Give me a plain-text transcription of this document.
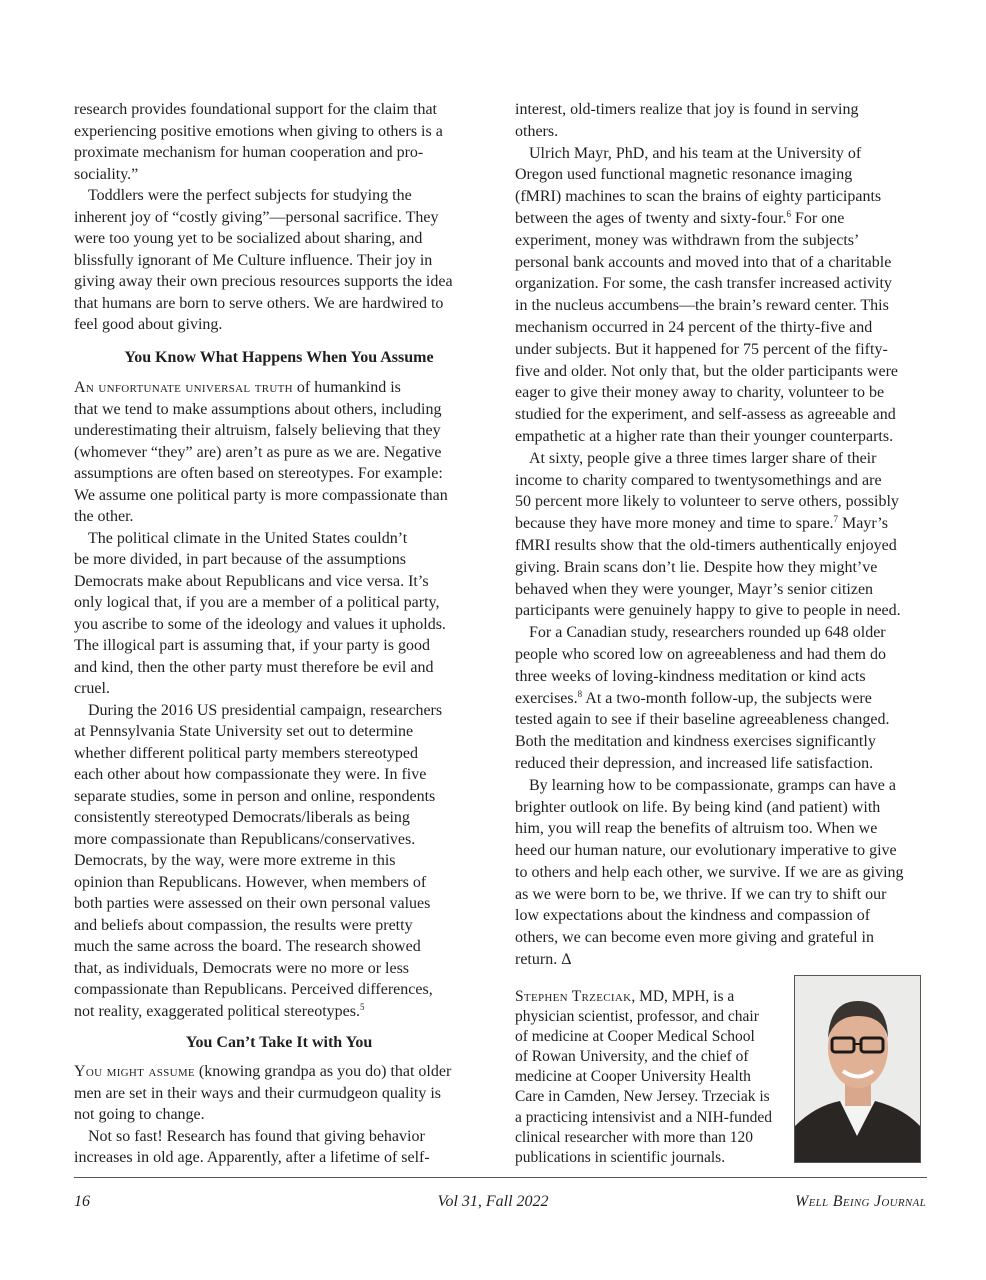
research provides foundational support for the claim that
experiencing positive emotions when giving to others is a
proximate mechanism for human cooperation and pro-
sociality.”
Toddlers were the perfect subjects for studying the
inherent joy of “costly giving”—personal sacrifice. They
were too young yet to be socialized about sharing, and
blissfully ignorant of Me Culture influence. Their joy in
giving away their own precious resources supports the idea
that humans are born to serve others. We are hardwired to
feel good about giving.
You Know What Happens When You Assume
An unfortunate universal truth of humankind is
that we tend to make assumptions about others, including
underestimating their altruism, falsely believing that they
(whomever “they” are) aren’t as pure as we are. Negative
assumptions are often based on stereotypes. For example:
We assume one political party is more compassionate than
the other.
The political climate in the United States couldn’t
be more divided, in part because of the assumptions
Democrats make about Republicans and vice versa. It’s
only logical that, if you are a member of a political party,
you ascribe to some of the ideology and values it upholds.
The illogical part is assuming that, if your party is good
and kind, then the other party must therefore be evil and
cruel.
During the 2016 US presidential campaign, researchers
at Pennsylvania State University set out to determine
whether different political party members stereotyped
each other about how compassionate they were. In five
separate studies, some in person and online, respondents
consistently stereotyped Democrats/liberals as being
more compassionate than Republicans/conservatives.
Democrats, by the way, were more extreme in this
opinion than Republicans. However, when members of
both parties were assessed on their own personal values
and beliefs about compassion, the results were pretty
much the same across the board. The research showed
that, as individuals, Democrats were no more or less
compassionate than Republicans. Perceived differences,
not reality, exaggerated political stereotypes.$^5$
You Can’t Take It with You
You might assume (knowing grandpa as you do) that older
men are set in their ways and their curmudgeon quality is
not going to change.
Not so fast! Research has found that giving behavior
increases in old age. Apparently, after a lifetime of self-
interest, old-timers realize that joy is found in serving
others.
Ulrich Mayr, PhD, and his team at the University of
Oregon used functional magnetic resonance imaging
(fMRI) machines to scan the brains of eighty participants
between the ages of twenty and sixty-four.$^6$ For one
experiment, money was withdrawn from the subjects’
personal bank accounts and moved into that of a charitable
organization. For some, the cash transfer increased activity
in the nucleus accumbens—the brain’s reward center. This
mechanism occurred in 24 percent of the thirty-five and
under subjects. But it happened for 75 percent of the fifty-
five and older. Not only that, but the older participants were
eager to give their money away to charity, volunteer to be
studied for the experiment, and self-assess as agreeable and
empathetic at a higher rate than their younger counterparts.
At sixty, people give a three times larger share of their
income to charity compared to twentysomethings and are
50 percent more likely to volunteer to serve others, possibly
because they have more money and time to spare.$^7$ Mayr’s
fMRI results show that the old-timers authentically enjoyed
giving. Brain scans don’t lie. Despite how they might’ve
behaved when they were younger, Mayr’s senior citizen
participants were genuinely happy to give to people in need.
For a Canadian study, researchers rounded up 648 older
people who scored low on agreeableness and had them do
three weeks of loving-kindness meditation or kind acts
exercises.$^8$ At a two-month follow-up, the subjects were
tested again to see if their baseline agreeableness changed.
Both the meditation and kindness exercises significantly
reduced their depression, and increased life satisfaction.
By learning how to be compassionate, gramps can have a
brighter outlook on life. By being kind (and patient) with
him, you will reap the benefits of altruism too. When we
heed our human nature, our evolutionary imperative to give
to others and help each other, we survive. If we are as giving
as we were born to be, we thrive. If we can try to shift our
low expectations about the kindness and compassion of
others, we can become even more giving and grateful in
return. Δ
Stephen Trzeciak, MD, MPH, is a
physician scientist, professor, and chair
of medicine at Cooper Medical School
of Rowan University, and the chief of
medicine at Cooper University Health
Care in Camden, New Jersey. Trzeciak is
a practicing intensivist and a NIH-funded
clinical researcher with more than 120
publications in scientific journals.
16	Vol 31, Fall 2022	Well Being Journal
